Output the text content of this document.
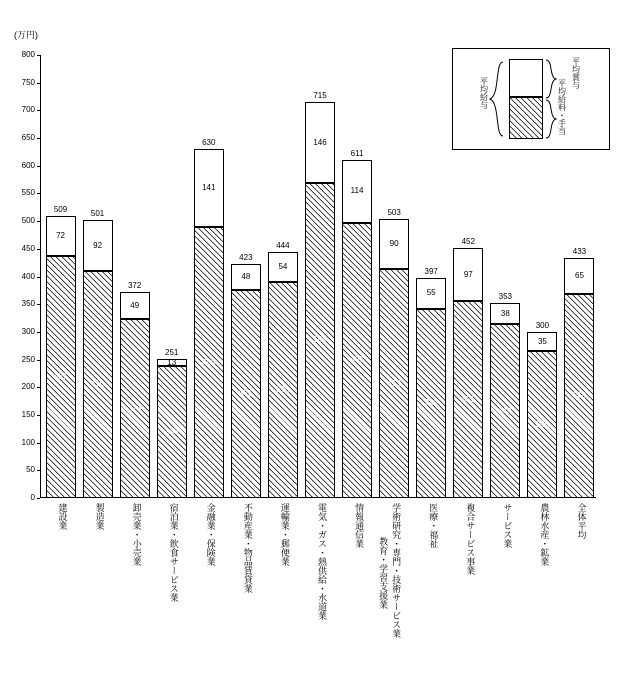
(万円)
800
750
700
650
600
550
500
450
400
350
300
250
200
150
100
50
0
72
437
509
92
410
501
49
323
372
13
238
251
141
489
630
48
375
423
54
390
444
146
569
715
114
497
611
90
413
503
55
342
397	97
355
452
38
314
353
35
265
300
65
368
433
建設業	製造業	卸売業・小売業	宿泊業・飲食サービス業	金融業・保険業	不動産業・物品賃貸業	運輸業・郵便業	電気・ガス・熱供給・水道業	情報通信業	学術研究・専門・技術サービス業	医療・福祉	複合サービス事業	サービス業	農林水産・鉱業	全体平均
教育・学習支援業
平均給与
平均賞与
平均給料・手当
